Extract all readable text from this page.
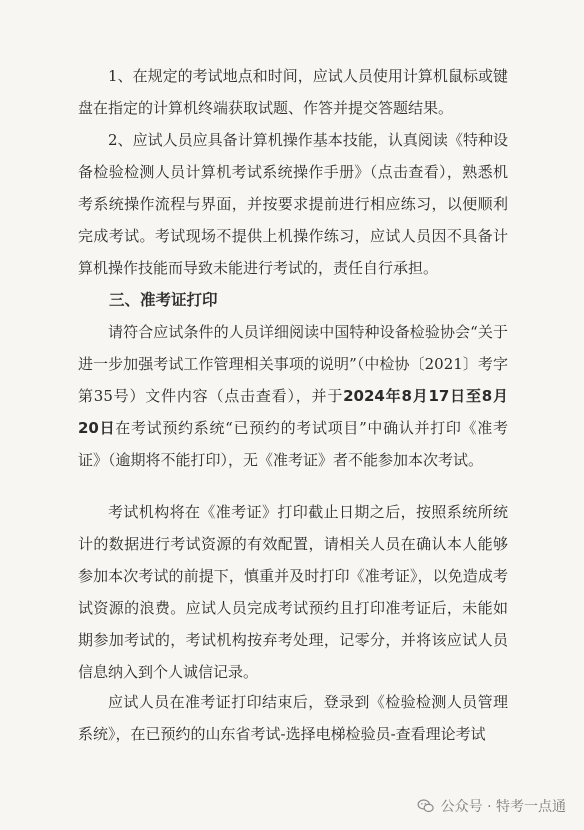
1、在规定的考试地点和时间，应试人员使用计算机鼠标或键盘在指定的计算机终端获取试题、作答并提交答题结果。

2、应试人员应具备计算机操作基本技能，认真阅读《特种设备检验检测人员计算机考试系统操作手册》（点击查看），熟悉机考系统操作流程与界面，并按要求提前进行相应练习，以便顺利完成考试。考试现场不提供上机操作练习，应试人员因不具备计算机操作技能而导致未能进行考试的，责任自行承担。

三、准考证打印

请符合应试条件的人员详细阅读中国特种设备检验协会“关于进一步加强考试工作管理相关事项的说明”（中检协〔2021〕考字第35号）文件内容（点击查看），并于2024年8月17日至8月20日在考试预约系统“已预约的考试项目”中确认并打印《准考证》（逾期将不能打印），无《准考证》者不能参加本次考试。

考试机构将在《准考证》打印截止日期之后，按照系统所统计的数据进行考试资源的有效配置，请相关人员在确认本人能够参加本次考试的前提下，慎重并及时打印《准考证》，以免造成考试资源的浪费。应试人员完成考试预约且打印准考证后，未能如期参加考试的，考试机构按弃考处理，记零分，并将该应试人员信息纳入到个人诚信记录。

应试人员在准考证打印结束后，登录到《检验检测人员管理系统》，在已预约的山东省考试-选择电梯检验员-查看理论考试

公众号 · 特考一点通
